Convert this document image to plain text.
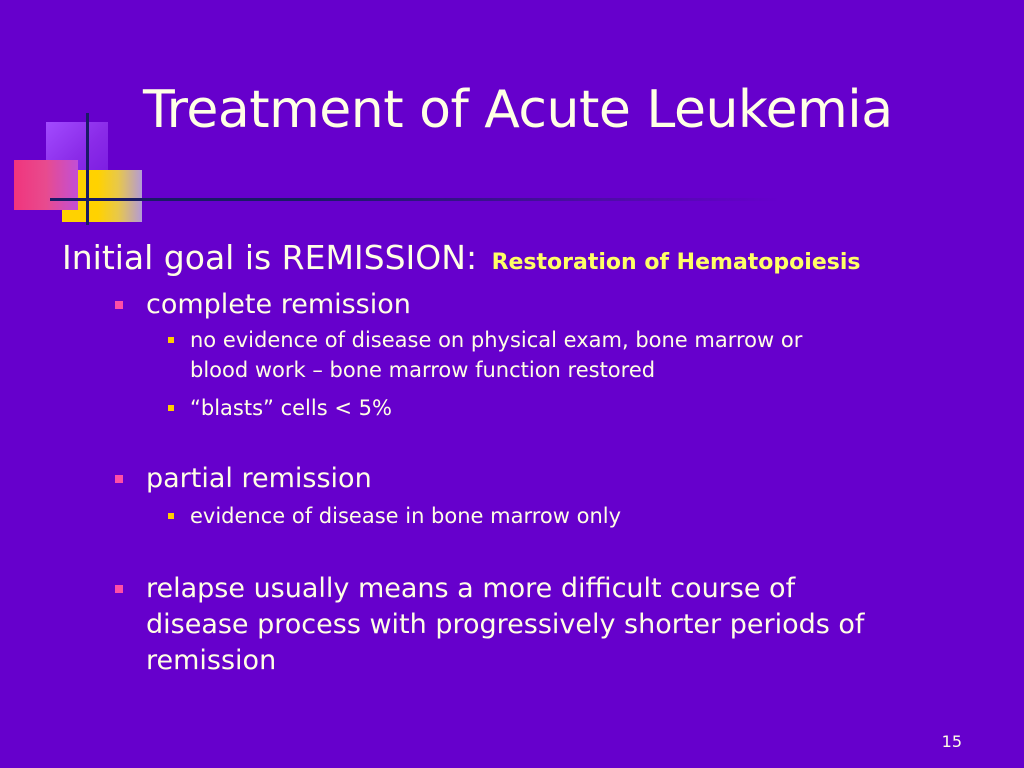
Treatment of Acute Leukemia
Initial goal is REMISSION: Restoration of Hematopoiesis
complete remission
no evidence of disease on physical exam, bone marrow or blood work – bone marrow function restored
“blasts” cells < 5%
partial remission
evidence of disease in bone marrow only
relapse usually means a more difficult course of disease process with progressively shorter periods of remission
15
